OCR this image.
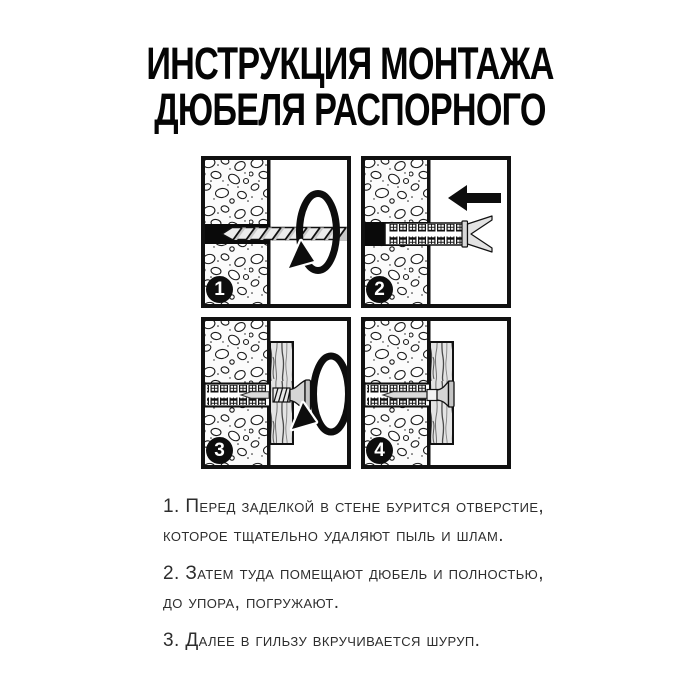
ИНСТРУКЦИЯ МОНТАЖА
ДЮБЕЛЯ РАСПОРНОГО
1	2
3	4
1. Перед заделкой в стене бурится отверстие,
которое тщательно удаляют пыль и шлам.
2. Затем туда помещают дюбель и полностью,
до упора, погружают.
3. Далее в гильзу вкручивается шуруп.
